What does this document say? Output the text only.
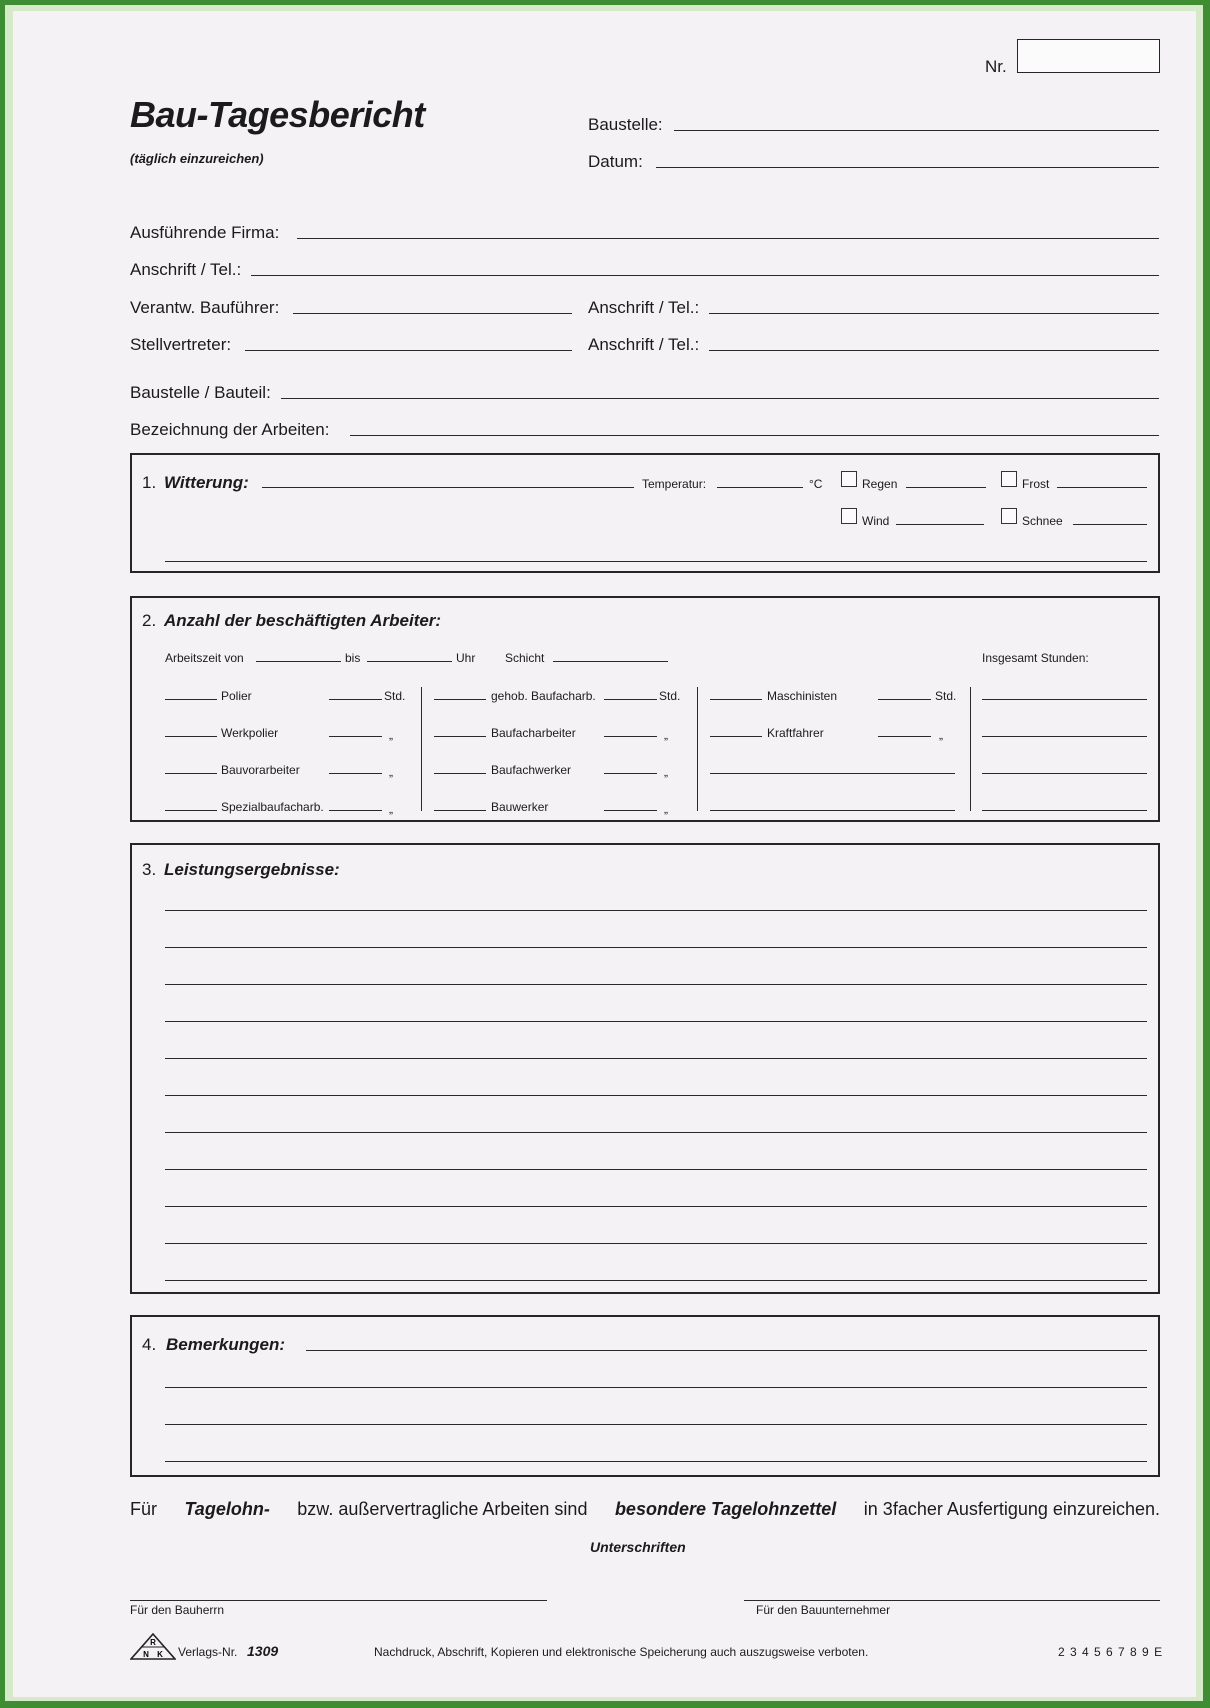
Nr.
Bau-Tagesbericht
(täglich einzureichen)
Baustelle:
Datum:
Ausführende Firma:
Anschrift / Tel.:
Verantw. Bauführer:	Anschrift / Tel.:
Stellvertreter:	Anschrift / Tel.:
Baustelle / Bauteil:
Bezeichnung der Arbeiten:
1. Witterung:	Temperatur:	°C	Regen	Frost
Wind	Schnee
2. Anzahl der beschäftigten Arbeiter:
Arbeitszeit von	bis	Uhr Schicht	Insgesamt Stunden:
Polier	Std.
Werkpolier	„
Bauvorarbeiter	„
Spezialbaufacharb.	„
gehob. Baufacharb.	Std.
Baufacharbeiter	„
Baufachwerker	„
Bauwerker	„
Maschinisten	Std.
Kraftfahrer	„
3. Leistungsergebnisse:
4. Bemerkungen:
Für Tagelohn- bzw. außervertragliche Arbeiten sind besondere Tagelohnzettel in 3facher Ausfertigung einzureichen.
Unterschriften
Für den Bauherrn	Für den Bauunternehmer
R
N K Verlags-Nr. 1309	Nachdruck, Abschrift, Kopieren und elektronische Speicherung auch auszugsweise verboten.	2 3 4 5 6 7 8 9 E
